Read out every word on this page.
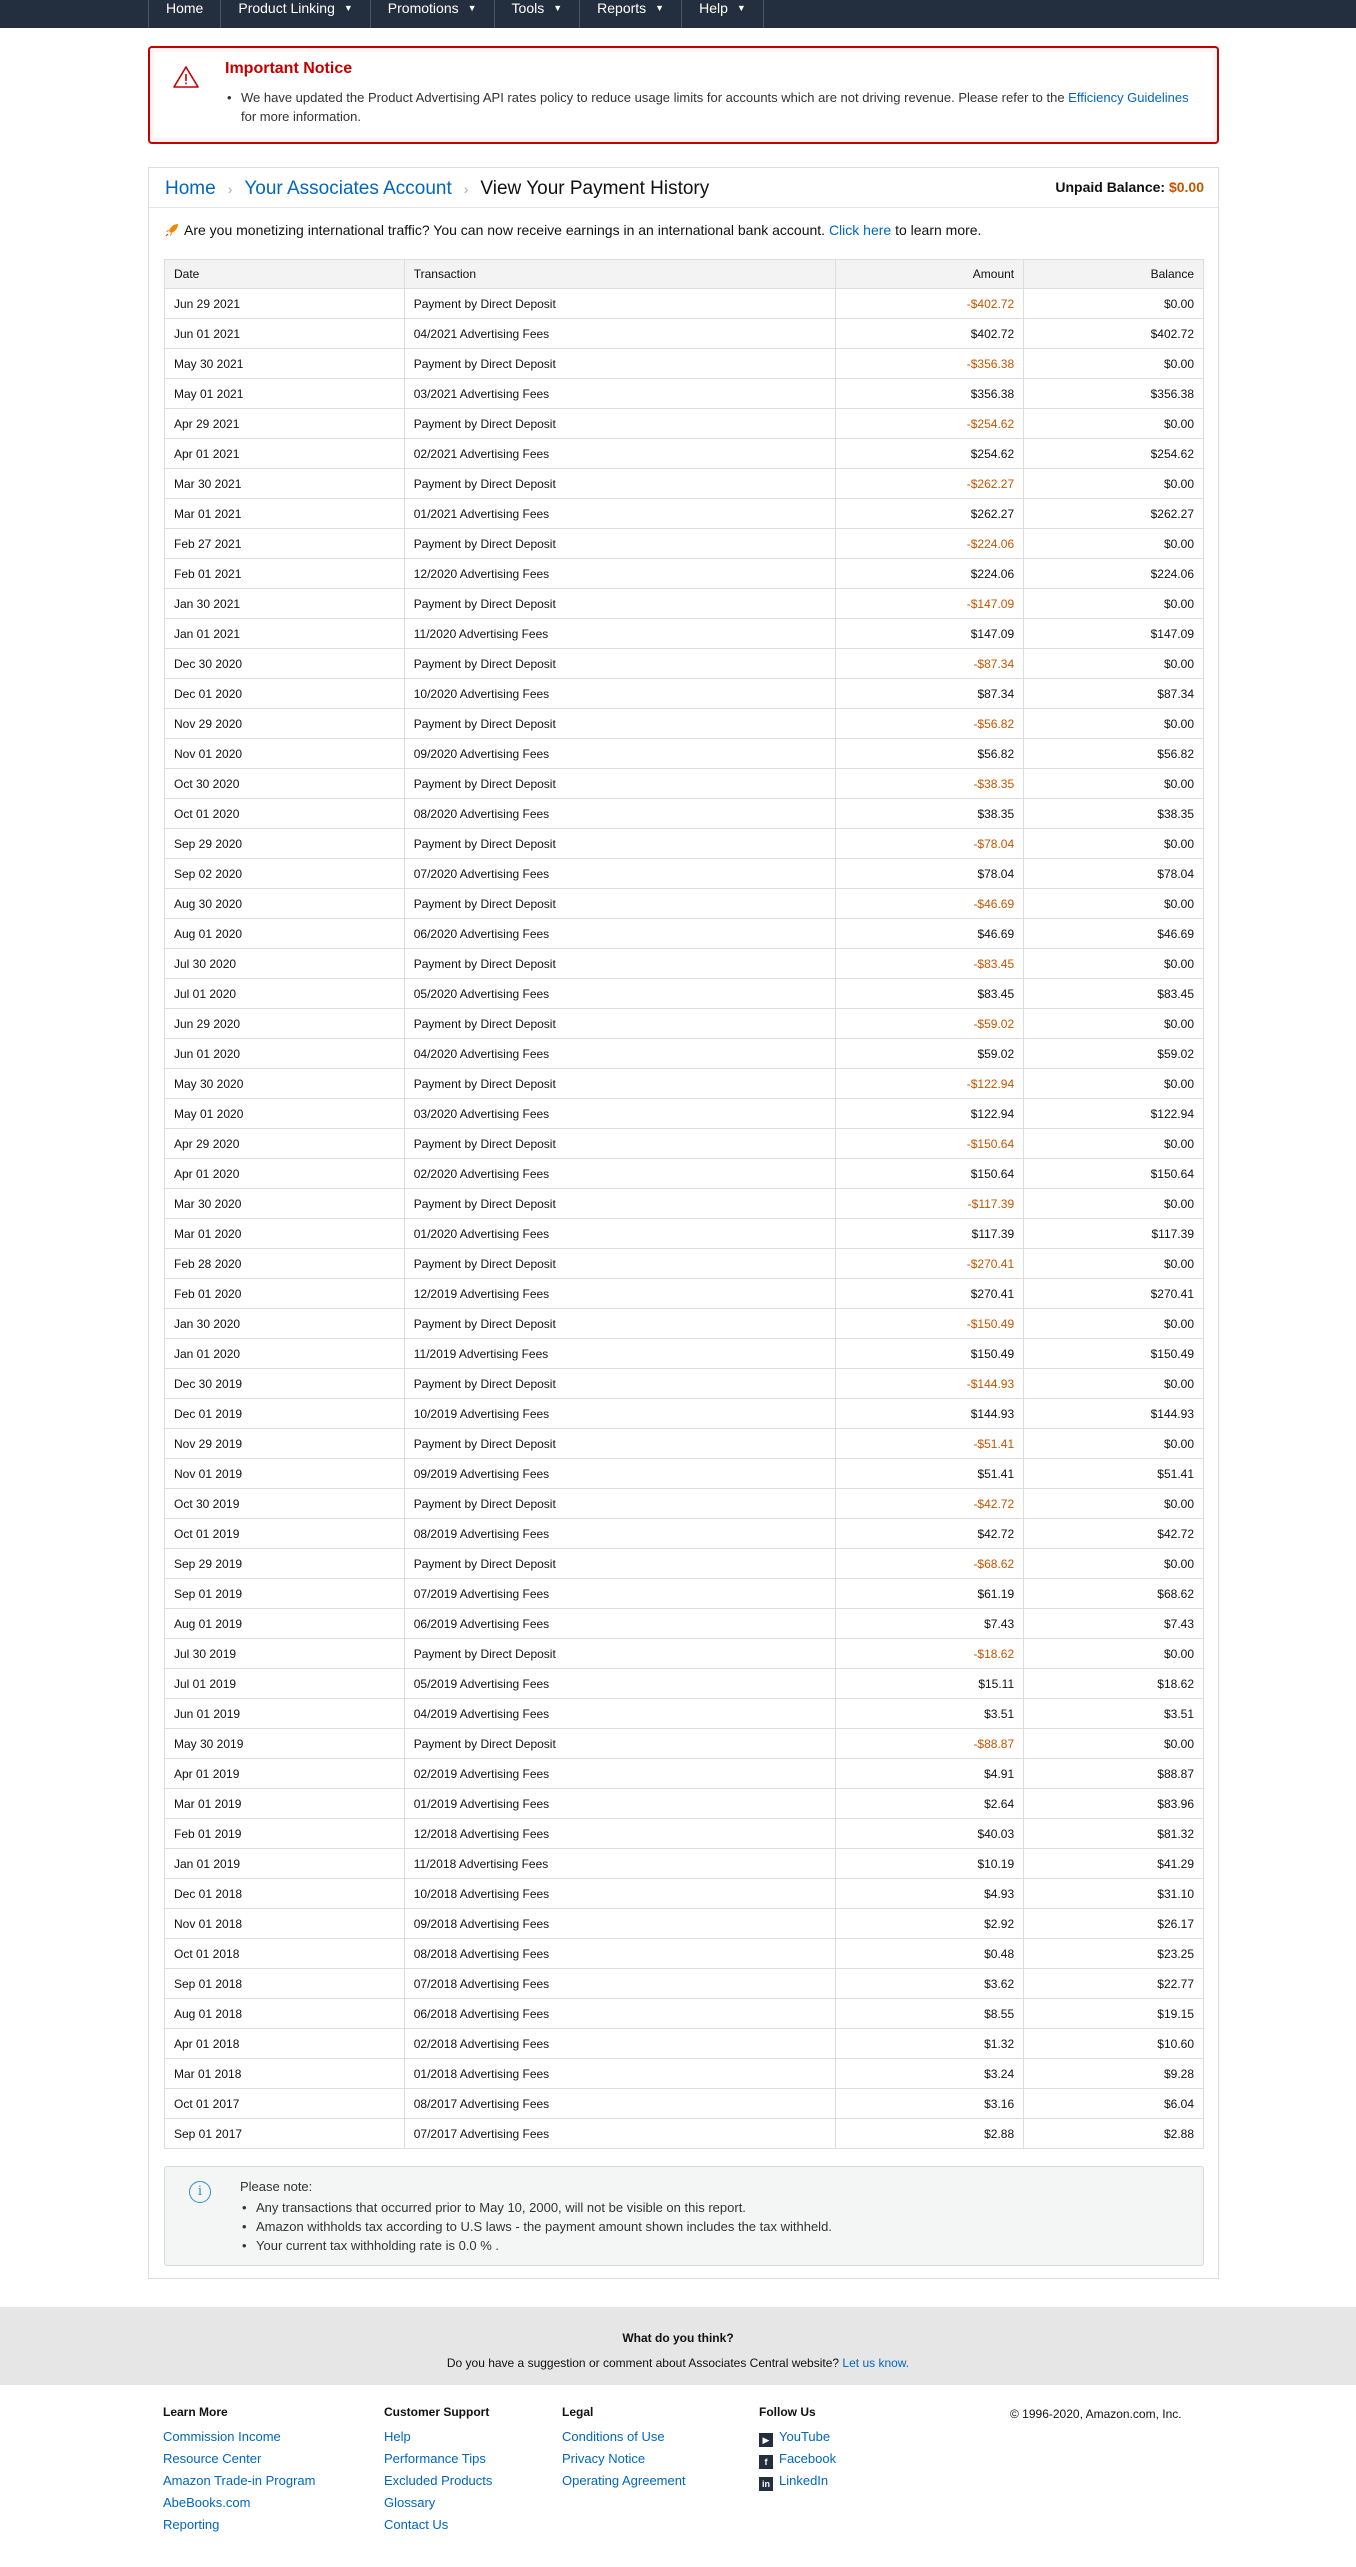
Home	Product Linking ▼	Promotions ▼	Tools ▼	Reports ▼	Help ▼
Important Notice
• We have updated the Product Advertising API rates policy to reduce usage limits for accounts which are not driving revenue. Please refer to the Efficiency Guidelines for more information.
Home › Your Associates Account › View Your Payment History	Unpaid Balance: $0.00
Are you monetizing international traffic? You can now receive earnings in an international bank account.
Click here
to learn more.
Date	Transaction	Amount	Balance
Jun 29 2021	Payment by Direct Deposit	-$402.72	$0.00
Jun 01 2021	04/2021 Advertising Fees	$402.72	$402.72
May 30 2021	Payment by Direct Deposit	-$356.38	$0.00
May 01 2021	03/2021 Advertising Fees	$356.38	$356.38
Apr 29 2021	Payment by Direct Deposit	-$254.62	$0.00
Apr 01 2021	02/2021 Advertising Fees	$254.62	$254.62
Mar 30 2021	Payment by Direct Deposit	-$262.27	$0.00
Mar 01 2021	01/2021 Advertising Fees	$262.27	$262.27
Feb 27 2021	Payment by Direct Deposit	-$224.06	$0.00
Feb 01 2021	12/2020 Advertising Fees	$224.06	$224.06
Jan 30 2021	Payment by Direct Deposit	-$147.09	$0.00
Jan 01 2021	11/2020 Advertising Fees	$147.09	$147.09
Dec 30 2020	Payment by Direct Deposit	-$87.34	$0.00
Dec 01 2020	10/2020 Advertising Fees	$87.34	$87.34
Nov 29 2020	Payment by Direct Deposit	-$56.82	$0.00
Nov 01 2020	09/2020 Advertising Fees	$56.82	$56.82
Oct 30 2020	Payment by Direct Deposit	-$38.35	$0.00
Oct 01 2020	08/2020 Advertising Fees	$38.35	$38.35
Sep 29 2020	Payment by Direct Deposit	-$78.04	$0.00
Sep 02 2020	07/2020 Advertising Fees	$78.04	$78.04
Aug 30 2020	Payment by Direct Deposit	-$46.69	$0.00
Aug 01 2020	06/2020 Advertising Fees	$46.69	$46.69
Jul 30 2020	Payment by Direct Deposit	-$83.45	$0.00
Jul 01 2020	05/2020 Advertising Fees	$83.45	$83.45
Jun 29 2020	Payment by Direct Deposit	-$59.02	$0.00
Jun 01 2020	04/2020 Advertising Fees	$59.02	$59.02
May 30 2020	Payment by Direct Deposit	-$122.94	$0.00
May 01 2020	03/2020 Advertising Fees	$122.94	$122.94
Apr 29 2020	Payment by Direct Deposit	-$150.64	$0.00
Apr 01 2020	02/2020 Advertising Fees	$150.64	$150.64
Mar 30 2020	Payment by Direct Deposit	-$117.39	$0.00
Mar 01 2020	01/2020 Advertising Fees	$117.39	$117.39
Feb 28 2020	Payment by Direct Deposit	-$270.41	$0.00
Feb 01 2020	12/2019 Advertising Fees	$270.41	$270.41
Jan 30 2020	Payment by Direct Deposit	-$150.49	$0.00
Jan 01 2020	11/2019 Advertising Fees	$150.49	$150.49
Dec 30 2019	Payment by Direct Deposit	-$144.93	$0.00
Dec 01 2019	10/2019 Advertising Fees	$144.93	$144.93
Nov 29 2019	Payment by Direct Deposit	-$51.41	$0.00
Nov 01 2019	09/2019 Advertising Fees	$51.41	$51.41
Oct 30 2019	Payment by Direct Deposit	-$42.72	$0.00
Oct 01 2019	08/2019 Advertising Fees	$42.72	$42.72
Sep 29 2019	Payment by Direct Deposit	-$68.62	$0.00
Sep 01 2019	07/2019 Advertising Fees	$61.19	$68.62
Aug 01 2019	06/2019 Advertising Fees	$7.43	$7.43
Jul 30 2019	Payment by Direct Deposit	-$18.62	$0.00
Jul 01 2019	05/2019 Advertising Fees	$15.11	$18.62
Jun 01 2019	04/2019 Advertising Fees	$3.51	$3.51
May 30 2019	Payment by Direct Deposit	-$88.87	$0.00
Apr 01 2019	02/2019 Advertising Fees	$4.91	$88.87
Mar 01 2019	01/2019 Advertising Fees	$2.64	$83.96
Feb 01 2019	12/2018 Advertising Fees	$40.03	$81.32
Jan 01 2019	11/2018 Advertising Fees	$10.19	$41.29
Dec 01 2018	10/2018 Advertising Fees	$4.93	$31.10
Nov 01 2018	09/2018 Advertising Fees	$2.92	$26.17
Oct 01 2018	08/2018 Advertising Fees	$0.48	$23.25
Sep 01 2018	07/2018 Advertising Fees	$3.62	$22.77
Aug 01 2018	06/2018 Advertising Fees	$8.55	$19.15
Apr 01 2018	02/2018 Advertising Fees	$1.32	$10.60
Mar 01 2018	01/2018 Advertising Fees	$3.24	$9.28
Oct 01 2017	08/2017 Advertising Fees	$3.16	$6.04
Sep 01 2017	07/2017 Advertising Fees	$2.88	$2.88
i	Please note:
• Any transactions that occurred prior to May 10, 2000, will not be visible on this report.
• Amazon withholds tax according to U.S laws - the payment amount shown includes the tax withheld.
• Your current tax withholding rate is 0.0 % .
What do you think?
Do you have a suggestion or comment about Associates Central website? Let us know.
Learn More
Commission Income
Resource Center
Amazon Trade-in Program
AbeBooks.com
Reporting
Customer Support
Help
Performance Tips
Excluded Products
Glossary
Contact Us
Legal
Conditions of Use
Privacy Notice
Operating Agreement
Follow Us
▶ YouTube
f Facebook
in LinkedIn
© 1996-2020, Amazon.com, Inc.
